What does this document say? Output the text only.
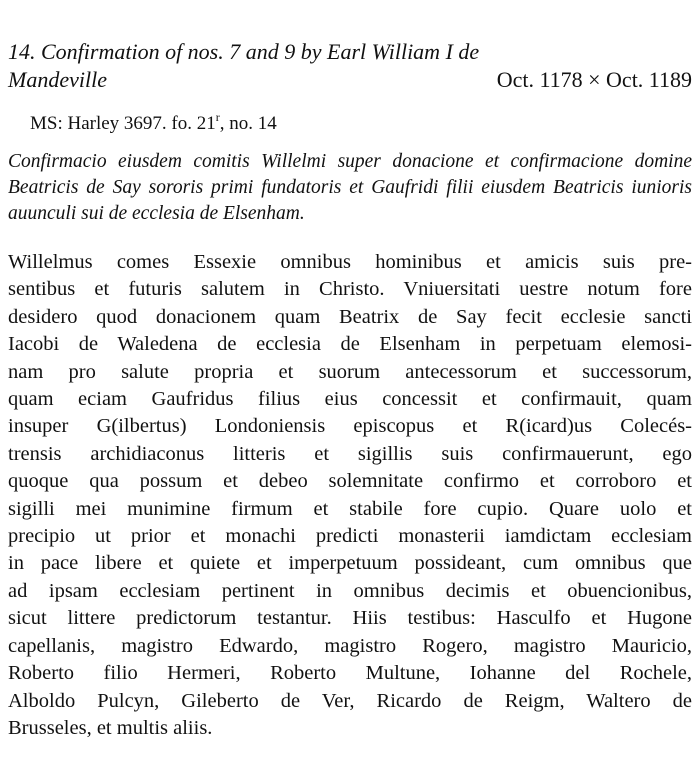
14. Confirmation of nos. 7 and 9 by Earl William I de
Mandeville	Oct. 1178 × Oct. 1189
MS: Harley 3697. fo. 21$^r$, no. 14
Confirmacio eiusdem comitis Willelmi super donacione et confirmacione domine Beatricis de Say sororis primi fundatoris et Gaufridi filii eiusdem Beatricis iunioris auunculi sui de ecclesia de Elsenham.
Willelmus comes Essexie omnibus hominibus et amicis suis pre-
sentibus et futuris salutem in Christo. Vniuersitati uestre notum fore
desidero quod donacionem quam Beatrix de Say fecit ecclesie sancti
Iacobi de Waledena de ecclesia de Elsenham in perpetuam elemosi-
nam pro salute propria et suorum antecessorum et successorum,
quam eciam Gaufridus filius eius concessit et confirmauit, quam
insuper G(ilbertus) Londoniensis episcopus et R(icard)us Colecés-
trensis archidiaconus litteris et sigillis suis confirmauerunt, ego
quoque qua possum et debeo solemnitate confirmo et corroboro et
sigilli mei munimine firmum et stabile fore cupio. Quare uolo et
precipio ut prior et monachi predicti monasterii iamdictam ecclesiam
in pace libere et quiete et imperpetuum possideant, cum omnibus que
ad ipsam ecclesiam pertinent in omnibus decimis et obuencionibus,
sicut littere predictorum testantur. Hiis testibus: Hasculfo et Hugone
capellanis, magistro Edwardo, magistro Rogero, magistro Mauricio,
Roberto filio Hermeri, Roberto Multune, Iohanne del Rochele,
Alboldo Pulcyn, Gileberto de Ver, Ricardo de Reigm, Waltero de
Brusseles, et multis aliis.
